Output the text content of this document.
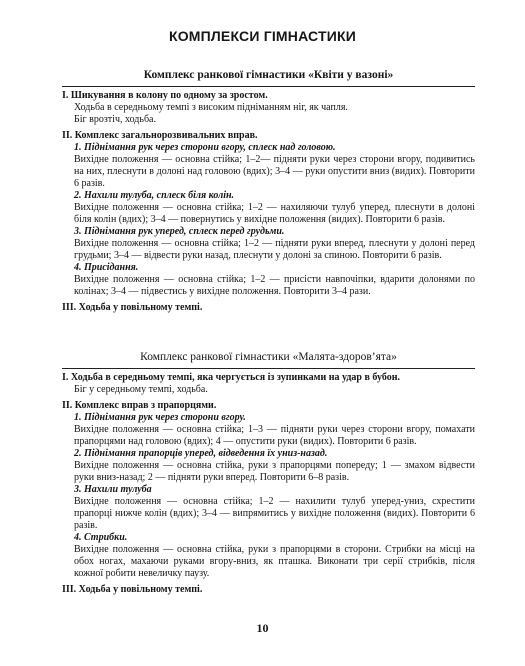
КОМПЛЕКСИ ГІМНАСТИКИ
Комплекс ранкової гімнастики «Квіти у вазоні»

І. Шикування в колону по одному за зростом.

Ходьба в середньому темпі з високим підніманням ніг, як чапля.

Біг врозтіч, ходьба.

ІІ. Комплекс загальнорозвивальних вправ.

1. Піднімання рук через сторони вгору, сплеск над головою.

Вихідне положення — основна стійка; 1–2— підняти руки через сторони вгору, подивитись на них, плеснути в долоні над головою (вдих); 3–4 — руки опустити вниз (видих). Повторити 6 разів.

2. Нахили тулуба, сплеск біля колін.

Вихідне положення — основна стійка; 1–2 — нахиляючи тулуб уперед, плеснути в долоні біля колін (вдих); 3–4 — повернутись у вихідне положення (видих). Повторити 6 разів.

3. Піднімання рук уперед, сплеск перед грудьми.

Вихідне положення — основна стійка; 1–2 — підняти руки вперед, плеснути у долоні перед грудьми; 3–4 — відвести руки назад, плеснути у долоні за спиною. Повторити 6 разів.

4. Присідання.

Вихідне положення — основна стійка; 1–2 — присісти навпочіпки, вдарити долонями по колінах; 3–4 — підвестись у вихідне положення. Повторити 3–4 рази.

ІІІ. Ходьба у повільному темпі.

Комплекс ранкової гімнастики «Малята-здоров’ята»

І. Ходьба в середньому темпі, яка чергується із зупинками на удар в бубон.

Біг у середньому темпі, ходьба.

ІІ. Комплекс вправ з прапорцями.

1. Піднімання рук через сторони вгору.

Вихідне положення — основна стійка; 1–3 — підняти руки через сторони вгору, помахати прапорцями над головою (вдих); 4 — опустити руки (видих). Повторити 6 разів.

2. Піднімання прапорців уперед, відведення їх униз-назад.

Вихідне положення — основна стійка, руки з прапорцями попереду; 1 — змахом відвести руки вниз-назад; 2 — підняти руки вперед. Повторити 6–8 разів.

3. Нахили тулуба

Вихідне положення — основна стійка; 1–2 — нахилити тулуб уперед-униз, схрестити прапорці нижче колін (вдих); 3–4 — випрямитись у вихідне положення (видих). Повторити 6 разів.

4. Стрибки.

Вихідне положення — основна стійка, руки з прапорцями в сторони. Стрибки на місці на обох ногах, махаючи руками вгору-вниз, як пташка. Виконати три серії стрибків, після кожної робити невеличку паузу.

ІІІ. Ходьба у повільному темпі.

10
